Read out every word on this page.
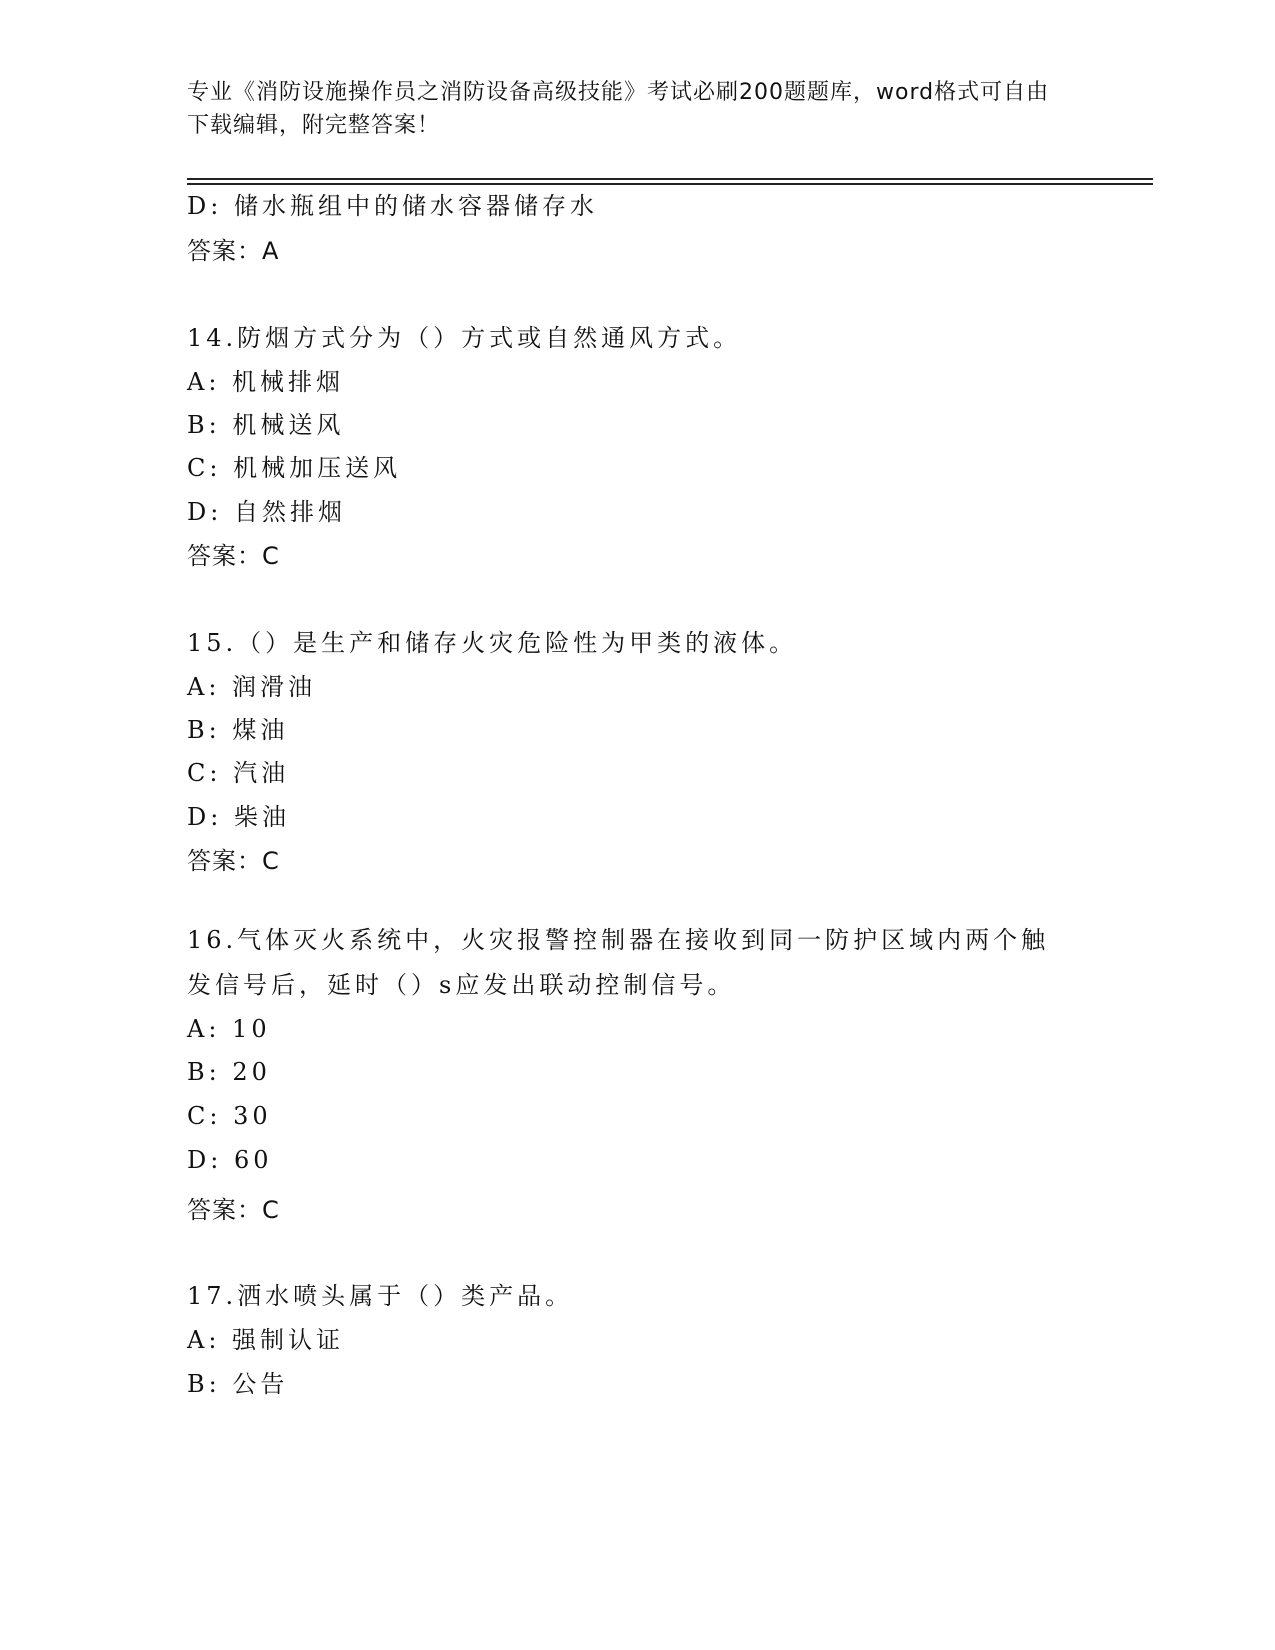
专业《消防设施操作员之消防设备高级技能》考试必刷200题题库，word格式可自由下载编辑，附完整答案！
D: 储水瓶组中的储水容器储存水
答案：A
14.防烟方式分为（）方式或自然通风方式。
A: 机械排烟
B: 机械送风
C: 机械加压送风
D: 自然排烟
答案：C
15.（）是生产和储存火灾危险性为甲类的液体。
A: 润滑油
B: 煤油
C: 汽油
D: 柴油
答案：C
16.气体灭火系统中，火灾报警控制器在接收到同一防护区域内两个触发信号后，延时（）s应发出联动控制信号。
A: 10
B: 20
C: 30
D: 60
答案：C
17.洒水喷头属于（）类产品。
A: 强制认证
B: 公告
